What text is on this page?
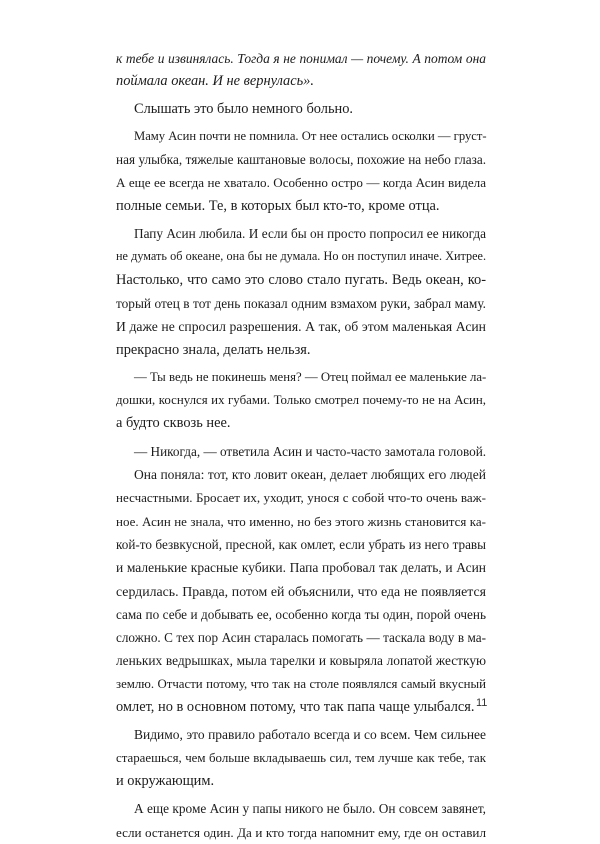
к тебе и извинялась. Тогда я не понимал — почему. А потом она
поймала океан. И не вернулась».
Слышать это было немного больно.
Маму Асин почти не помнила. От нее остались осколки — груст-
ная улыбка, тяжелые каштановые волосы, похожие на небо глаза.
А еще ее всегда не хватало. Особенно остро — когда Асин видела
полные семьи. Те, в которых был кто-то, кроме отца.
Папу Асин любила. И если бы он просто попросил ее никогда
не думать об океане, она бы не думала. Но он поступил иначе. Хитрее.
Настолько, что само это слово стало пугать. Ведь океан, ко-
торый отец в тот день показал одним взмахом руки, забрал маму.
И даже не спросил разрешения. А так, об этом маленькая Асин
прекрасно знала, делать нельзя.
— Ты ведь не покинешь меня? — Отец поймал ее маленькие ла-
дошки, коснулся их губами. Только смотрел почему-то не на Асин,
а будто сквозь нее.
— Никогда, — ответила Асин и часто-часто замотала головой.
Она поняла: тот, кто ловит океан, делает любящих его людей
несчастными. Бросает их, уходит, унося с собой что-то очень важ-
ное. Асин не знала, что именно, но без этого жизнь становится ка-
кой-то безвкусной, пресной, как омлет, если убрать из него травы
и маленькие красные кубики. Папа пробовал так делать, и Асин
сердилась. Правда, потом ей объяснили, что еда не появляется
сама по себе и добывать ее, особенно когда ты один, порой очень
сложно. С тех пор Асин старалась помогать — таскала воду в ма-
леньких ведрышках, мыла тарелки и ковыряла лопатой жесткую
землю. Отчасти потому, что так на столе появлялся самый вкусный
омлет, но в основном потому, что так папа чаще улыбался.
Видимо, это правило работало всегда и со всем. Чем сильнее
стараешься, чем больше вкладываешь сил, тем лучше как тебе, так
и окружающим.
А еще кроме Асин у папы никого не было. Он совсем завянет,
если останется один. Да и кто тогда напомнит ему, где он оставил
11
